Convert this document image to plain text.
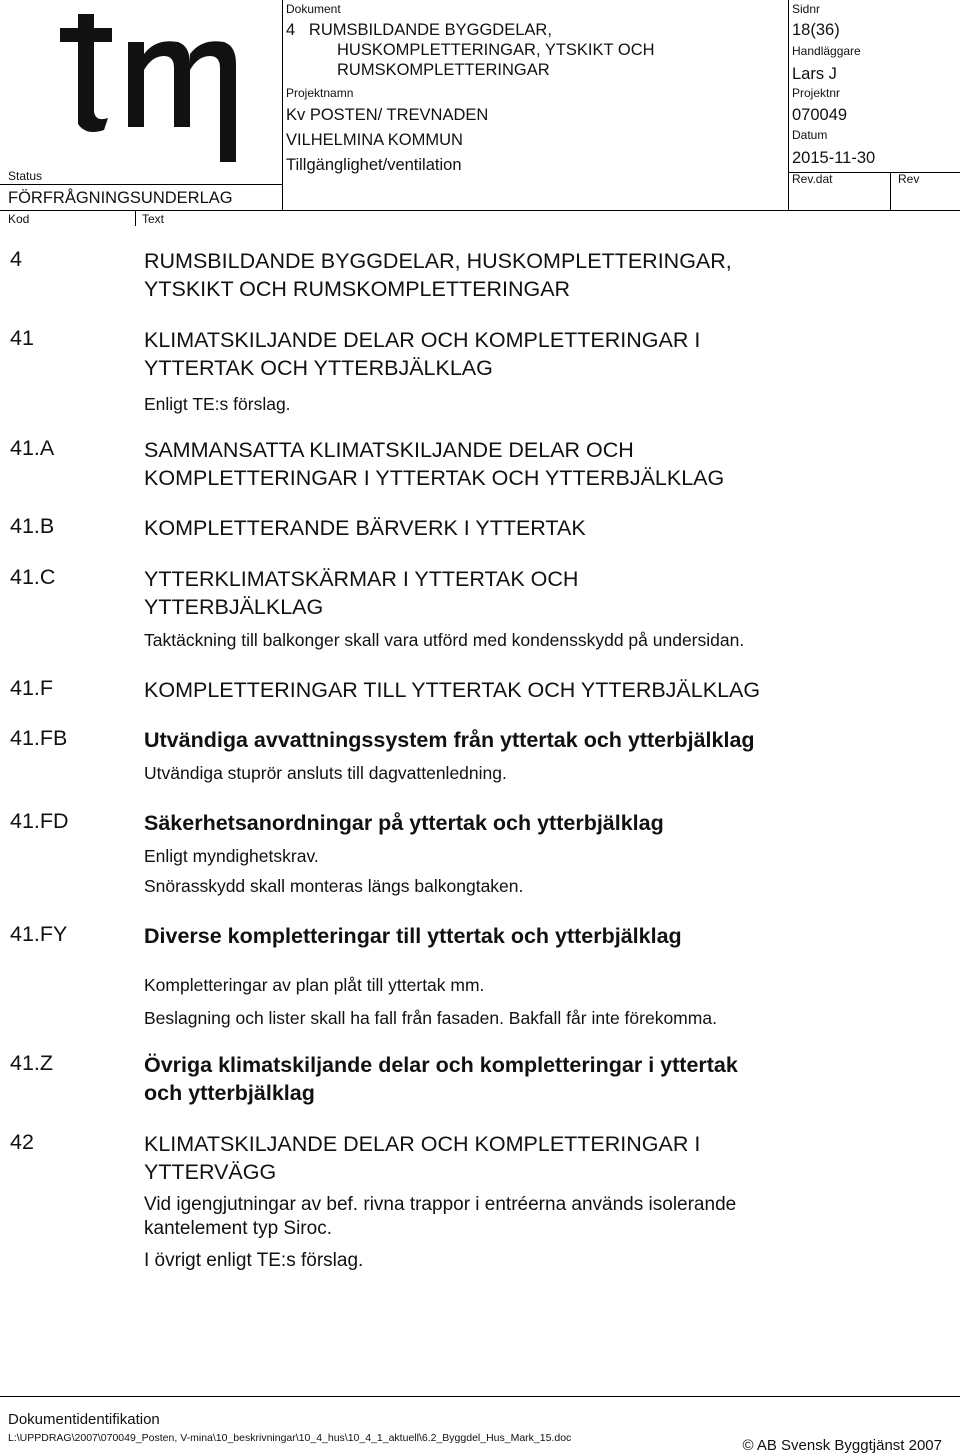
Status
FÖRFRÅGNINGSUNDERLAG
Kod	Text
Dokument
4   RUMSBILDANDE BYGGDELAR,
HUSKOMPLETTERINGAR, YTSKIKT OCH
RUMSKOMPLETTERINGAR
Projektnamn
Kv POSTEN/ TREVNADEN
VILHELMINA KOMMUN
Tillgänglighet/ventilation
Sidnr
18(36)
Handläggare
Lars J
Projektnr
070049
Datum
2015-11-30
Rev.dat	Rev
4	RUMSBILDANDE BYGGDELAR, HUSKOMPLETTERINGAR,
YTSKIKT OCH RUMSKOMPLETTERINGAR
41	KLIMATSKILJANDE DELAR OCH KOMPLETTERINGAR I
YTTERTAK OCH YTTERBJÄLKLAG
Enligt TE:s förslag.
41.A	SAMMANSATTA KLIMATSKILJANDE DELAR OCH
KOMPLETTERINGAR I YTTERTAK OCH YTTERBJÄLKLAG
41.B	KOMPLETTERANDE BÄRVERK I YTTERTAK
41.C	YTTERKLIMATSKÄRMAR I YTTERTAK OCH
YTTERBJÄLKLAG
Taktäckning till balkonger skall vara utförd med kondensskydd på undersidan.
41.F	KOMPLETTERINGAR TILL YTTERTAK OCH YTTERBJÄLKLAG
41.FB	Utvändiga avvattningssystem från yttertak och ytterbjälklag
Utvändiga stuprör ansluts till dagvattenledning.
41.FD	Säkerhetsanordningar på yttertak och ytterbjälklag
Enligt myndighetskrav.
Snörasskydd skall monteras längs balkongtaken.
41.FY	Diverse kompletteringar till yttertak och ytterbjälklag
Kompletteringar av plan plåt till yttertak mm.
Beslagning och lister skall ha fall från fasaden. Bakfall får inte förekomma.
41.Z	Övriga klimatskiljande delar och kompletteringar i yttertak
och ytterbjälklag
42	KLIMATSKILJANDE DELAR OCH KOMPLETTERINGAR I
YTTERVÄGG
Vid igengjutningar av bef. rivna trappor i entréerna används isolerande
kantelement typ Siroc.
I övrigt enligt TE:s förslag.
Dokumentidentifikation
L:\UPPDRAG\2007\070049_Posten, V-mina\10_beskrivningar\10_4_hus\10_4_1_aktuell\6.2_Byggdel_Hus_Mark_15.doc	© AB Svensk Byggtjänst 2007
